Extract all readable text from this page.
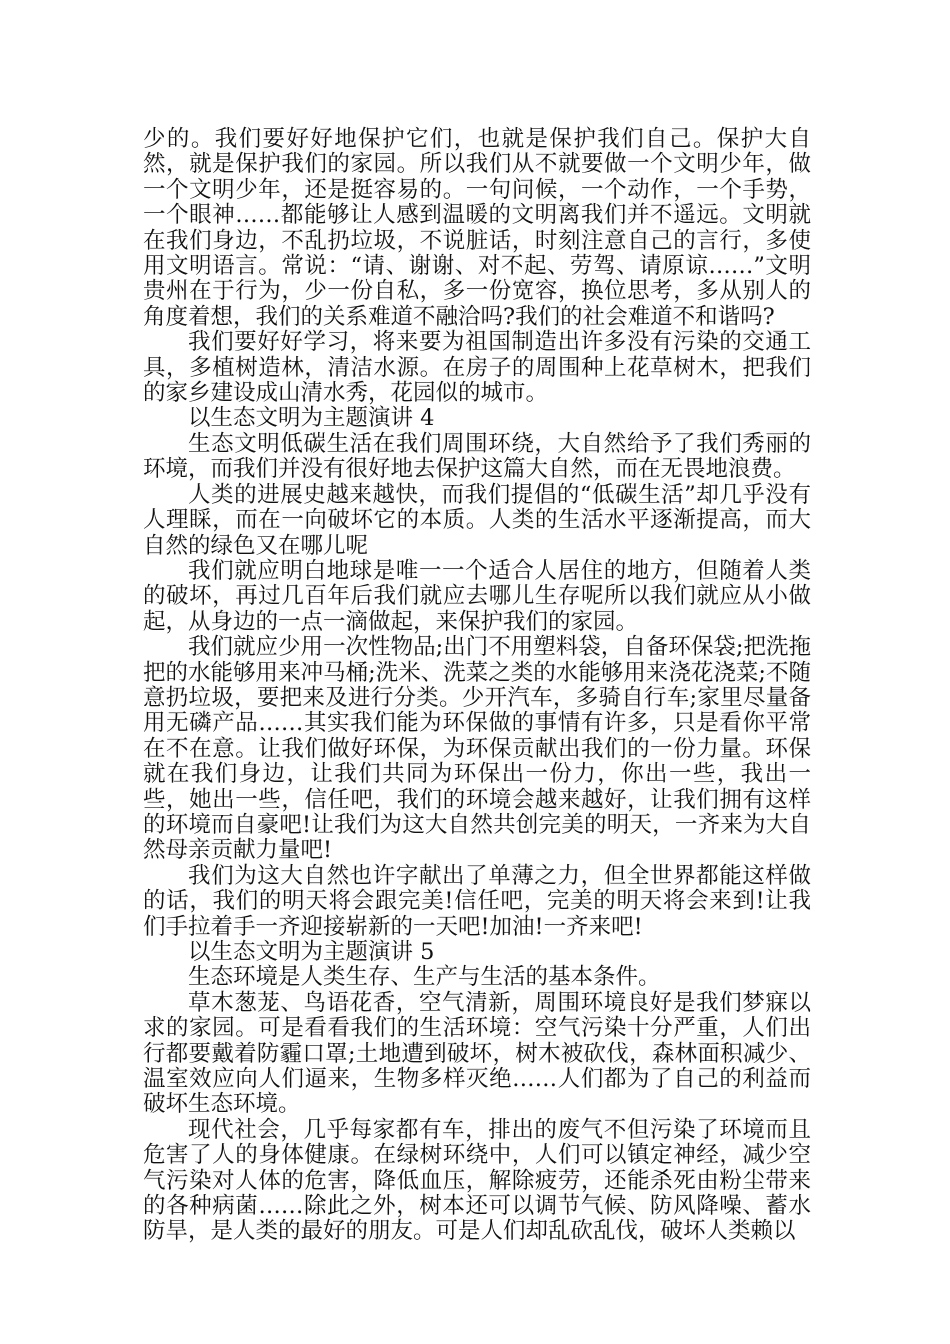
少的。我们要好好地保护它们，也就是保护我们自己。保护大自然，就是保护我们的家园。所以我们从不就要做一个文明少年，做一个文明少年，还是挺容易的。一句问候，一个动作，一个手势，一个眼神……都能够让人感到温暖的文明离我们并不遥远。文明就在我们身边，不乱扔垃圾，不说脏话，时刻注意自己的言行，多使用文明语言。常说：“请、谢谢、对不起、劳驾、请原谅……”文明贵州在于行为，少一份自私，多一份宽容，换位思考，多从别人的角度着想，我们的关系难道不融洽吗?我们的社会难道不和谐吗?

我们要好好学习，将来要为祖国制造出许多没有污染的交通工具，多植树造林，清洁水源。在房子的周围种上花草树木，把我们的家乡建设成山清水秀，花园似的城市。

以生态文明为主题演讲 4

生态文明低碳生活在我们周围环绕，大自然给予了我们秀丽的环境，而我们并没有很好地去保护这篇大自然，而在无畏地浪费。

人类的进展史越来越快，而我们提倡的“低碳生活”却几乎没有人理睬，而在一向破坏它的本质。人类的生活水平逐渐提高，而大自然的绿色又在哪儿呢

我们就应明白地球是唯一一个适合人居住的地方，但随着人类的破坏，再过几百年后我们就应去哪儿生存呢所以我们就应从小做起，从身边的一点一滴做起，来保护我们的家园。

我们就应少用一次性物品;出门不用塑料袋，自备环保袋;把洗拖把的水能够用来冲马桶;洗米、洗菜之类的水能够用来浇花浇菜;不随意扔垃圾，要把来及进行分类。少开汽车，多骑自行车;家里尽量备用无磷产品……其实我们能为环保做的事情有许多，只是看你平常在不在意。让我们做好环保，为环保贡献出我们的一份力量。环保就在我们身边，让我们共同为环保出一份力，你出一些，我出一些，她出一些，信任吧，我们的环境会越来越好，让我们拥有这样的环境而自豪吧!让我们为这大自然共创完美的明天，一齐来为大自然母亲贡献力量吧!

我们为这大自然也许字献出了单薄之力，但全世界都能这样做的话，我们的明天将会跟完美!信任吧，完美的明天将会来到!让我们手拉着手一齐迎接崭新的一天吧!加油!一齐来吧!

以生态文明为主题演讲 5

生态环境是人类生存、生产与生活的基本条件。

草木葱茏、鸟语花香，空气清新，周围环境良好是我们梦寐以求的家园。可是看看我们的生活环境：空气污染十分严重，人们出行都要戴着防霾口罩;土地遭到破坏，树木被砍伐，森林面积减少、温室效应向人们逼来，生物多样灭绝……人们都为了自己的利益而破坏生态环境。

现代社会，几乎每家都有车，排出的废气不但污染了环境而且危害了人的身体健康。在绿树环绕中，人们可以镇定神经，减少空气污染对人体的危害，降低血压，解除疲劳，还能杀死由粉尘带来的各种病菌……除此之外，树本还可以调节气候、防风降噪、蓄水防旱，是人类的最好的朋友。可是人们却乱砍乱伐，破坏人类赖以
